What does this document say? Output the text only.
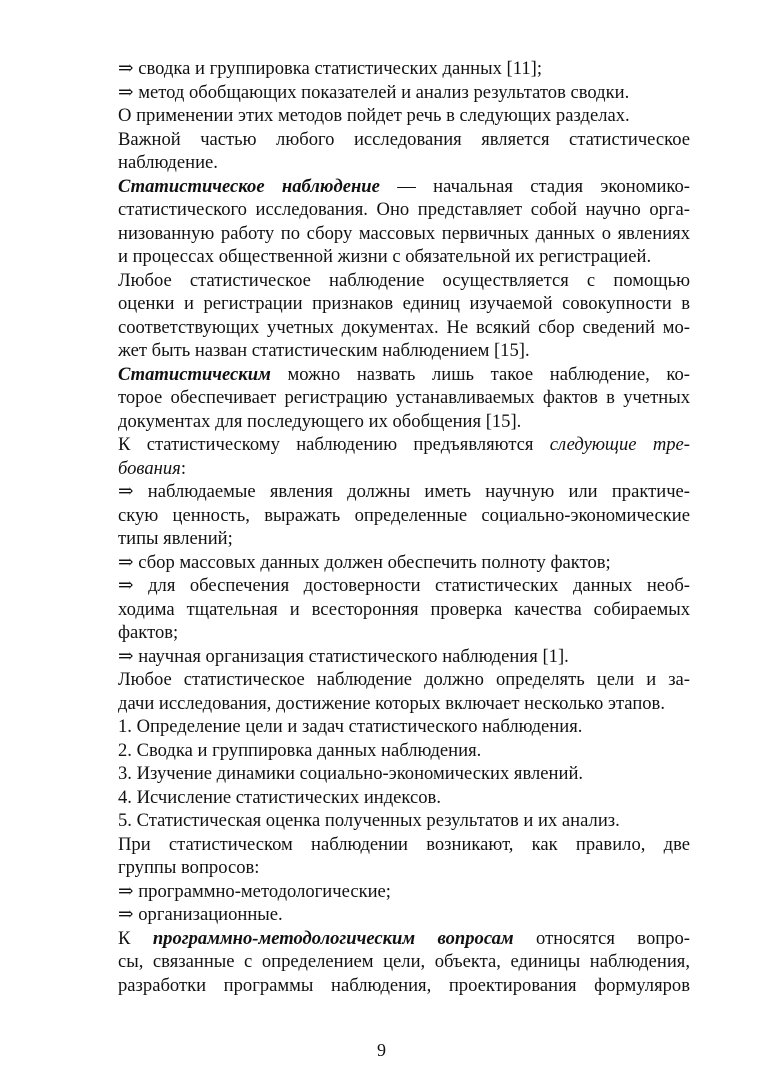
⇒ сводка и группировка статистических данных [11];

⇒ метод обобщающих показателей и анализ результатов сводки.

О применении этих методов пойдет речь в следующих разделах.

Важной частью любого исследования является статистическое
наблюдение.

Статистическое наблюдение — начальная стадия экономико-
статистического исследования. Оно представляет собой научно орга-
низованную работу по сбору массовых первичных данных о явлениях
и процессах общественной жизни с обязательной их регистрацией.

Любое статистическое наблюдение осуществляется с помощью
оценки и регистрации признаков единиц изучаемой совокупности в
соответствующих учетных документах. Не всякий сбор сведений мо-
жет быть назван статистическим наблюдением [15].

Статистическим можно назвать лишь такое наблюдение, ко-
торое обеспечивает регистрацию устанавливаемых фактов в учетных
документах для последующего их обобщения [15].

К статистическому наблюдению предъявляются следующие тре-
бования:

⇒ наблюдаемые явления должны иметь научную или практиче-
скую ценность, выражать определенные социально-экономические
типы явлений;

⇒ сбор массовых данных должен обеспечить полноту фактов;

⇒ для обеспечения достоверности статистических данных необ-
ходима тщательная и всесторонняя проверка качества собираемых
фактов;

⇒ научная организация статистического наблюдения [1].

Любое статистическое наблюдение должно определять цели и за-
дачи исследования, достижение которых включает несколько этапов.

1. Определение цели и задач статистического наблюдения.

2. Сводка и группировка данных наблюдения.

3. Изучение динамики социально-экономических явлений.

4. Исчисление статистических индексов.

5. Статистическая оценка полученных результатов и их анализ.

При статистическом наблюдении возникают, как правило, две
группы вопросов:

⇒ программно-методологические;

⇒ организационные.

К программно-методологическим вопросам относятся вопро-
сы, связанные с определением цели, объекта, единицы наблюдения,
разработки программы наблюдения, проектирования формуляров

9
